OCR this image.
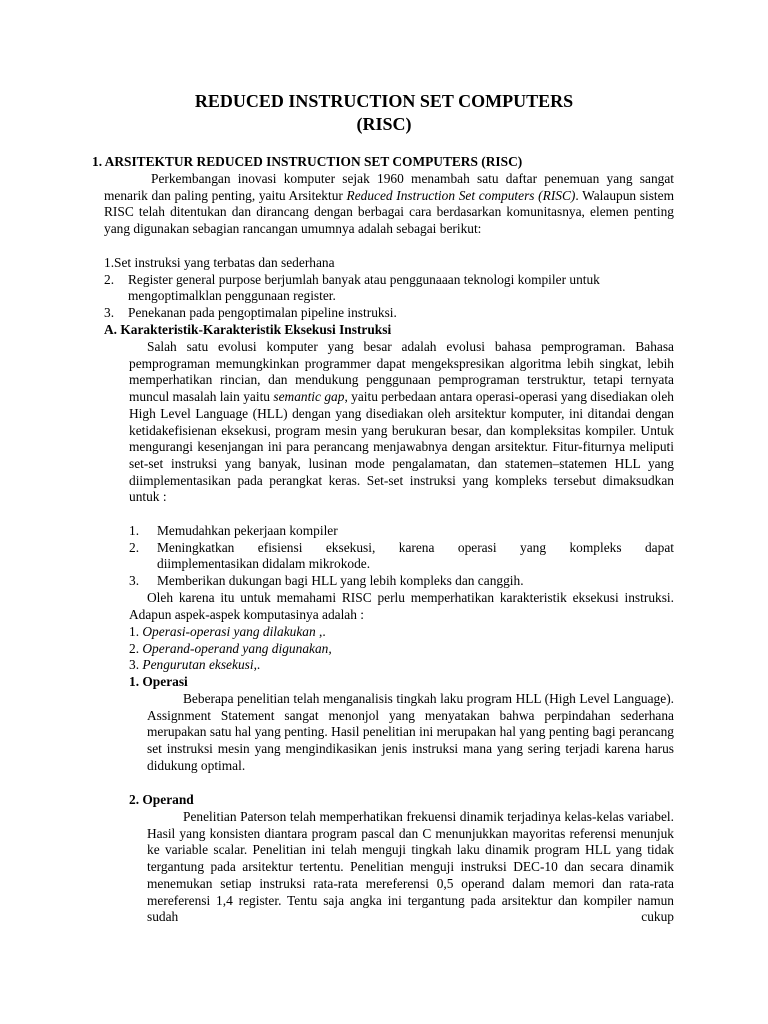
REDUCED INSTRUCTION SET COMPUTERS
(RISC)
1. ARSITEKTUR REDUCED INSTRUCTION SET COMPUTERS (RISC)
Perkembangan inovasi komputer sejak 1960 menambah satu daftar penemuan yang sangat menarik dan paling penting, yaitu Arsitektur Reduced Instruction Set computers (RISC). Walaupun sistem RISC telah ditentukan dan dirancang dengan berbagai cara berdasarkan komunitasnya, elemen penting yang digunakan sebagian rancangan umumnya adalah sebagai berikut:
1.Set instruksi yang terbatas dan sederhana
2. Register general purpose berjumlah banyak atau penggunaaan teknologi kompiler untuk
mengoptimalklan penggunaan register.
3. Penekanan pada pengoptimalan pipeline instruksi.
A. Karakteristik-Karakteristik Eksekusi Instruksi
Salah satu evolusi komputer yang besar adalah evolusi bahasa pemprograman. Bahasa pemprograman memungkinkan programmer dapat mengekspresikan algoritma lebih singkat, lebih memperhatikan rincian, dan mendukung penggunaan pemprograman terstruktur, tetapi ternyata muncul masalah lain yaitu semantic gap, yaitu perbedaan antara operasi-operasi yang disediakan oleh High Level Language (HLL) dengan yang disediakan oleh arsitektur komputer, ini ditandai dengan ketidakefisienan eksekusi, program mesin yang berukuran besar, dan kompleksitas kompiler. Untuk mengurangi kesenjangan ini para perancang menjawabnya dengan arsitektur. Fitur-fiturnya meliputi set-set instruksi yang banyak, lusinan mode pengalamatan, dan statemen–statemen HLL yang diimplementasikan pada perangkat keras. Set-set instruksi yang kompleks tersebut dimaksudkan untuk :
1. Memudahkan pekerjaan kompiler
2. Meningkatkan efisiensi eksekusi, karena operasi yang kompleks dapat
diimplementasikan didalam mikrokode.
3. Memberikan dukungan bagi HLL yang lebih kompleks dan canggih.
Oleh karena itu untuk memahami RISC perlu memperhatikan karakteristik eksekusi instruksi. Adapun aspek-aspek komputasinya adalah :
1. Operasi-operasi yang dilakukan ,.
2. Operand-operand yang digunakan,
3. Pengurutan eksekusi,.
1. Operasi
Beberapa penelitian telah menganalisis tingkah laku program HLL (High Level Language). Assignment Statement sangat menonjol yang menyatakan bahwa perpindahan sederhana merupakan satu hal yang penting. Hasil penelitian ini merupakan hal yang penting bagi perancang set instruksi mesin yang mengindikasikan jenis instruksi mana yang sering terjadi karena harus didukung optimal.
2. Operand
Penelitian Paterson telah memperhatikan frekuensi dinamik terjadinya kelas-kelas variabel. Hasil yang konsisten diantara program pascal dan C menunjukkan mayoritas referensi menunjuk ke variable scalar. Penelitian ini telah menguji tingkah laku dinamik program HLL yang tidak tergantung pada arsitektur tertentu. Penelitian menguji instruksi DEC-10 dan secara dinamik menemukan setiap instruksi rata-rata mereferensi 0,5 operand dalam memori dan rata-rata mereferensi 1,4 register. Tentu saja angka ini tergantung pada arsitektur dan kompiler namun sudah cukup
